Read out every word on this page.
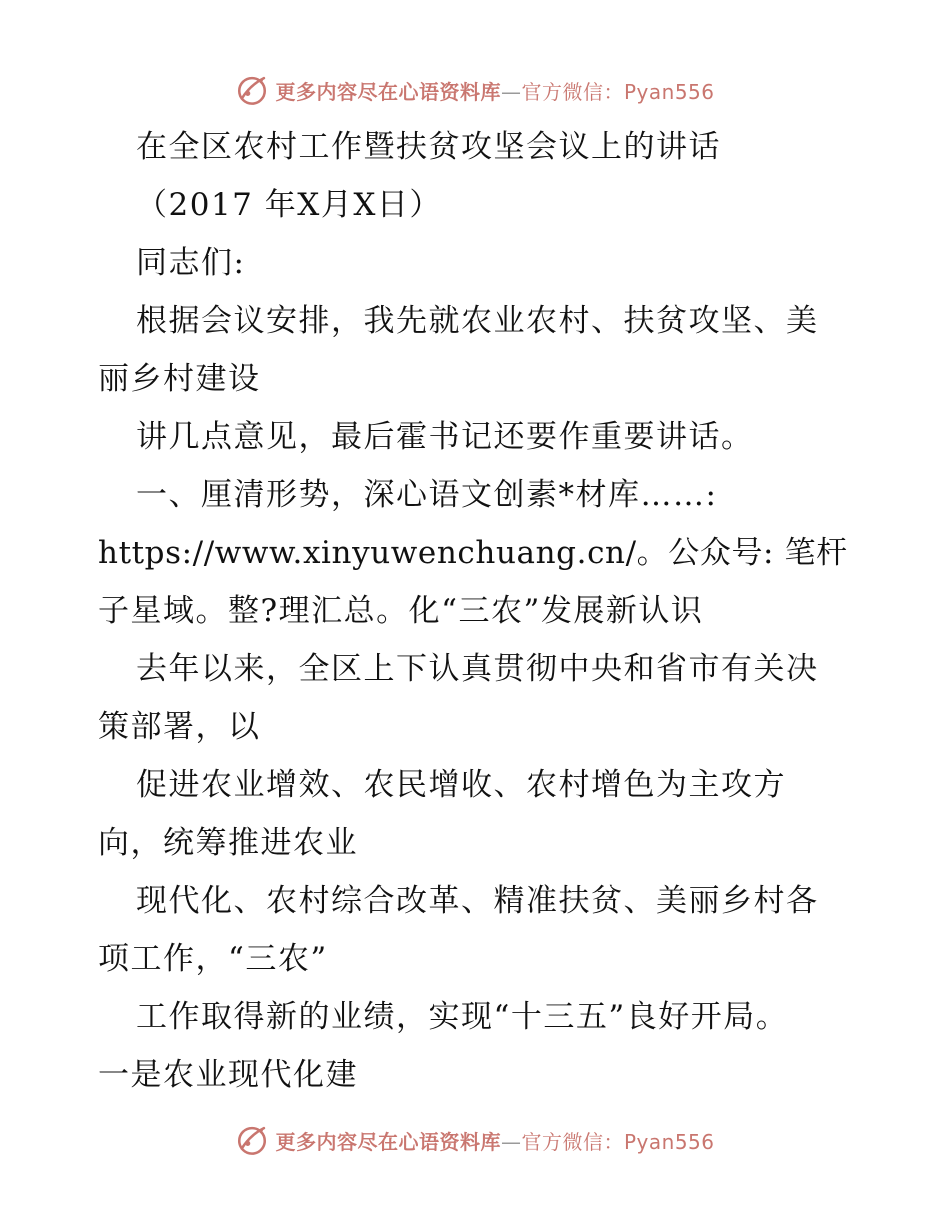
更多内容尽在心语资料库—官方微信：Pyan556

在全区农村工作暨扶贫攻坚会议上的讲话

（2017 年X月X日）

同志们:

根据会议安排，我先就农业农村、扶贫攻坚、美

丽乡村建设

讲几点意见，最后霍书记还要作重要讲话。

一、厘清形势，深心语文创素*材库……:

https://www.xinyuwenchuang.cn/。公众号: 笔杆

子星域。整?理汇总。化“三农”发展新认识

去年以来，全区上下认真贯彻中央和省市有关决

策部署，以

促进农业增效、农民增收、农村增色为主攻方

向，统筹推进农业

现代化、农村综合改革、精准扶贫、美丽乡村各

项工作，“三农”

工作取得新的业绩，实现“十三五”良好开局。

一是农业现代化建

更多内容尽在心语资料库—官方微信：Pyan556
